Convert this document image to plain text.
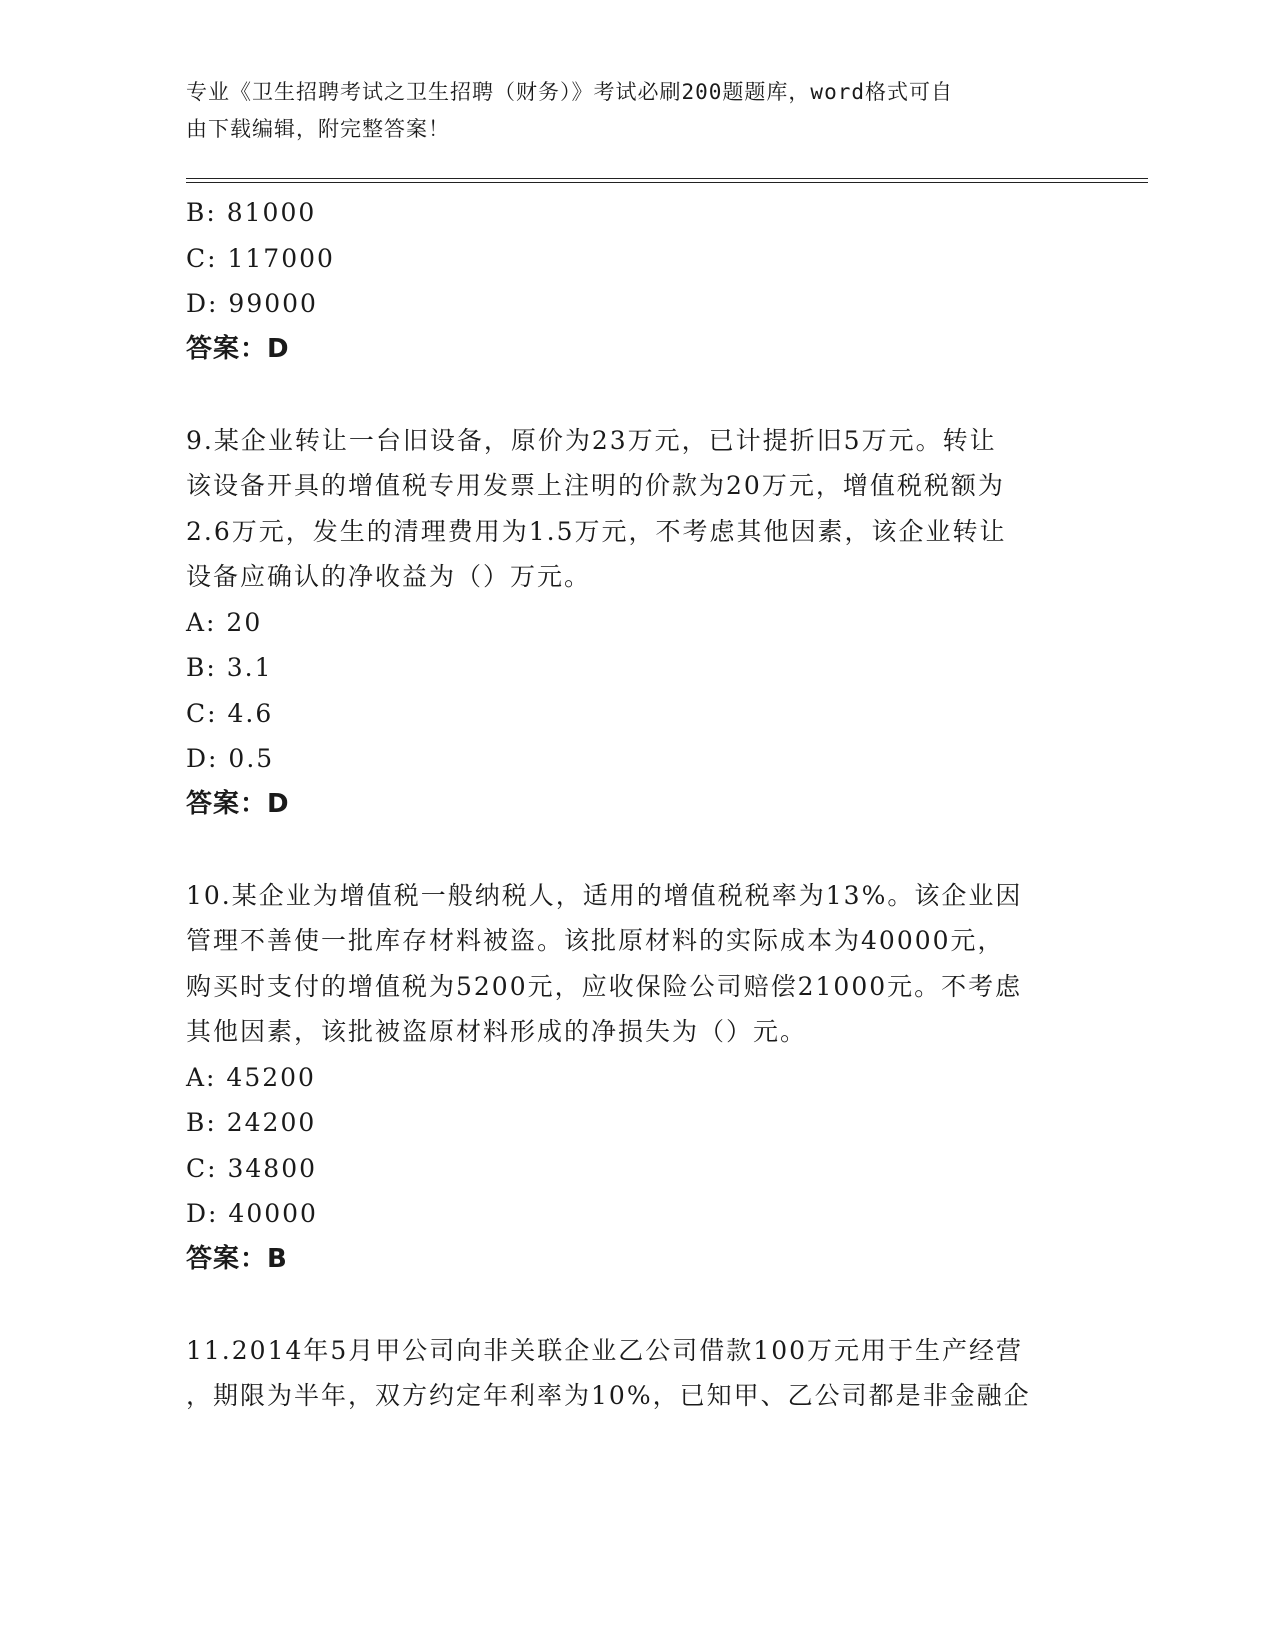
专业《卫生招聘考试之卫生招聘（财务）》考试必刷200题题库，word格式可自
由下载编辑，附完整答案！
B: 81000
C: 117000
D: 99000
答案：D
9.某企业转让一台旧设备，原价为23万元，已计提折旧5万元。转让
该设备开具的增值税专用发票上注明的价款为20万元，增值税税额为
2.6万元，发生的清理费用为1.5万元，不考虑其他因素，该企业转让
设备应确认的净收益为（）万元。
A: 20
B: 3.1
C: 4.6
D: 0.5
答案：D
10.某企业为增值税一般纳税人，适用的增值税税率为13%。该企业因
管理不善使一批库存材料被盗。该批原材料的实际成本为40000元，
购买时支付的增值税为5200元，应收保险公司赔偿21000元。不考虑
其他因素，该批被盗原材料形成的净损失为（）元。
A: 45200
B: 24200
C: 34800
D: 40000
答案：B
11.2014年5月甲公司向非关联企业乙公司借款100万元用于生产经营
，期限为半年，双方约定年利率为10%，已知甲、乙公司都是非金融企
